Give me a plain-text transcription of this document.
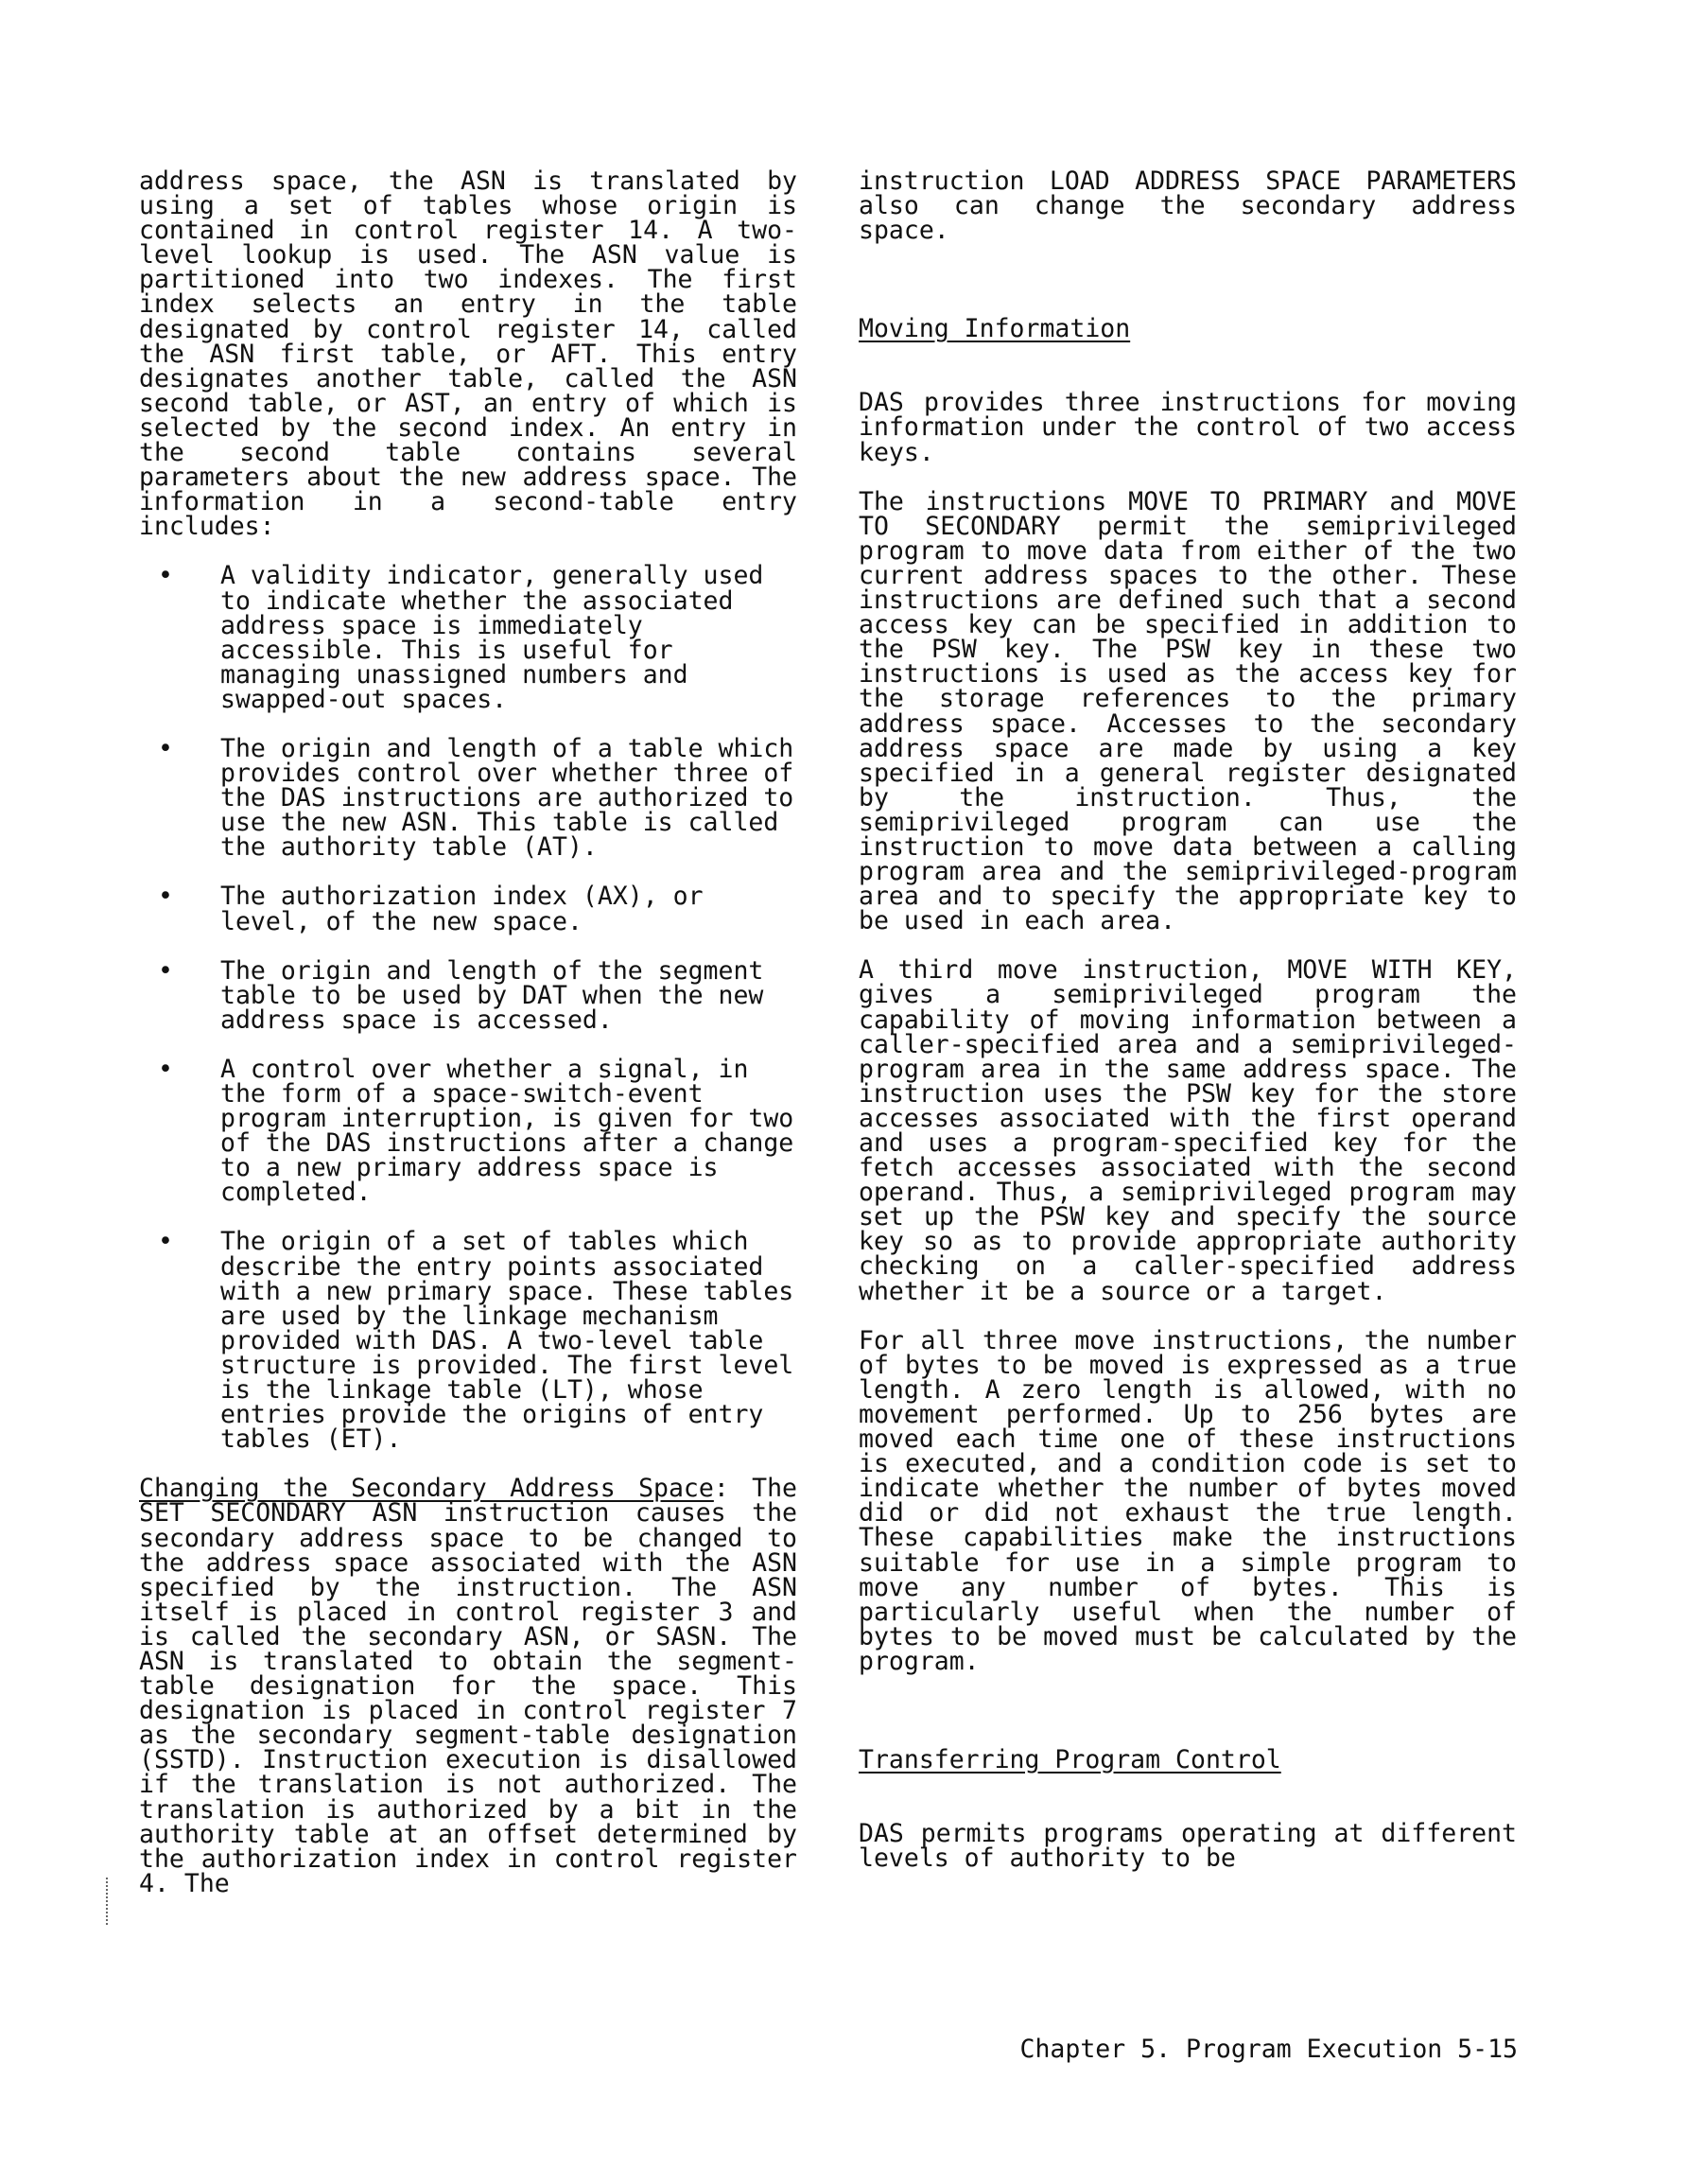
address space, the ASN is translated by using a set of tables whose origin is contained in control register 14. A two-level lookup is used. The ASN value is partitioned into two indexes. The first index selects an entry in the table designated by control register 14, called the ASN first table, or AFT. This entry designates another table, called the ASN second table, or AST, an entry of which is selected by the second index. An entry in the second table contains several parameters about the new address space. The information in a second-table entry includes:

• A validity indicator, generally used to indicate whether the associated address space is immediately accessible. This is useful for managing unassigned numbers and swapped-out spaces.
• The origin and length of a table which provides control over whether three of the DAS instructions are authorized to use the new ASN. This table is called the authority table (AT).
• The authorization index (AX), or level, of the new space.
• The origin and length of the segment table to be used by DAT when the new address space is accessed.
• A control over whether a signal, in the form of a space-switch-event program interruption, is given for two of the DAS instructions after a change to a new primary address space is completed.
• The origin of a set of tables which describe the entry points associated with a new primary space. These tables are used by the linkage mechanism provided with DAS. A two-level table structure is provided. The first level is the linkage table (LT), whose entries provide the origins of entry tables (ET).

Changing the Secondary Address Space: The SET SECONDARY ASN instruction causes the secondary address space to be changed to the address space associated with the ASN specified by the instruction. The ASN itself is placed in control register 3 and is called the secondary ASN, or SASN. The ASN is translated to obtain the segment-table designation for the space. This designation is placed in control register 7 as the secondary segment-table designation (SSTD). Instruction execution is disallowed if the translation is not authorized. The translation is authorized by a bit in the authority table at an offset determined by the authorization index in control register 4. The

instruction LOAD ADDRESS SPACE PARAMETERS also can change the secondary address space.

Moving Information

DAS provides three instructions for moving information under the control of two access keys.

The instructions MOVE TO PRIMARY and MOVE TO SECONDARY permit the semiprivileged program to move data from either of the two current address spaces to the other. These instructions are defined such that a second access key can be specified in addition to the PSW key. The PSW key in these two instructions is used as the access key for the storage references to the primary address space. Accesses to the secondary address space are made by using a key specified in a general register designated by the instruction. Thus, the semiprivileged program can use the instruction to move data between a calling program area and the semiprivileged-program area and to specify the appropriate key to be used in each area.

A third move instruction, MOVE WITH KEY, gives a semiprivileged program the capability of moving information between a caller-specified area and a semiprivileged-program area in the same address space. The instruction uses the PSW key for the store accesses associated with the first operand and uses a program-specified key for the fetch accesses associated with the second operand. Thus, a semiprivileged program may set up the PSW key and specify the source key so as to provide appropriate authority checking on a caller-specified address whether it be a source or a target.

For all three move instructions, the number of bytes to be moved is expressed as a true length. A zero length is allowed, with no movement performed. Up to 256 bytes are moved each time one of these instructions is executed, and a condition code is set to indicate whether the number of bytes moved did or did not exhaust the true length. These capabilities make the instructions suitable for use in a simple program to move any number of bytes. This is particularly useful when the number of bytes to be moved must be calculated by the program.

Transferring Program Control

DAS permits programs operating at different levels of authority to be

Chapter 5. Program Execution 5-15
